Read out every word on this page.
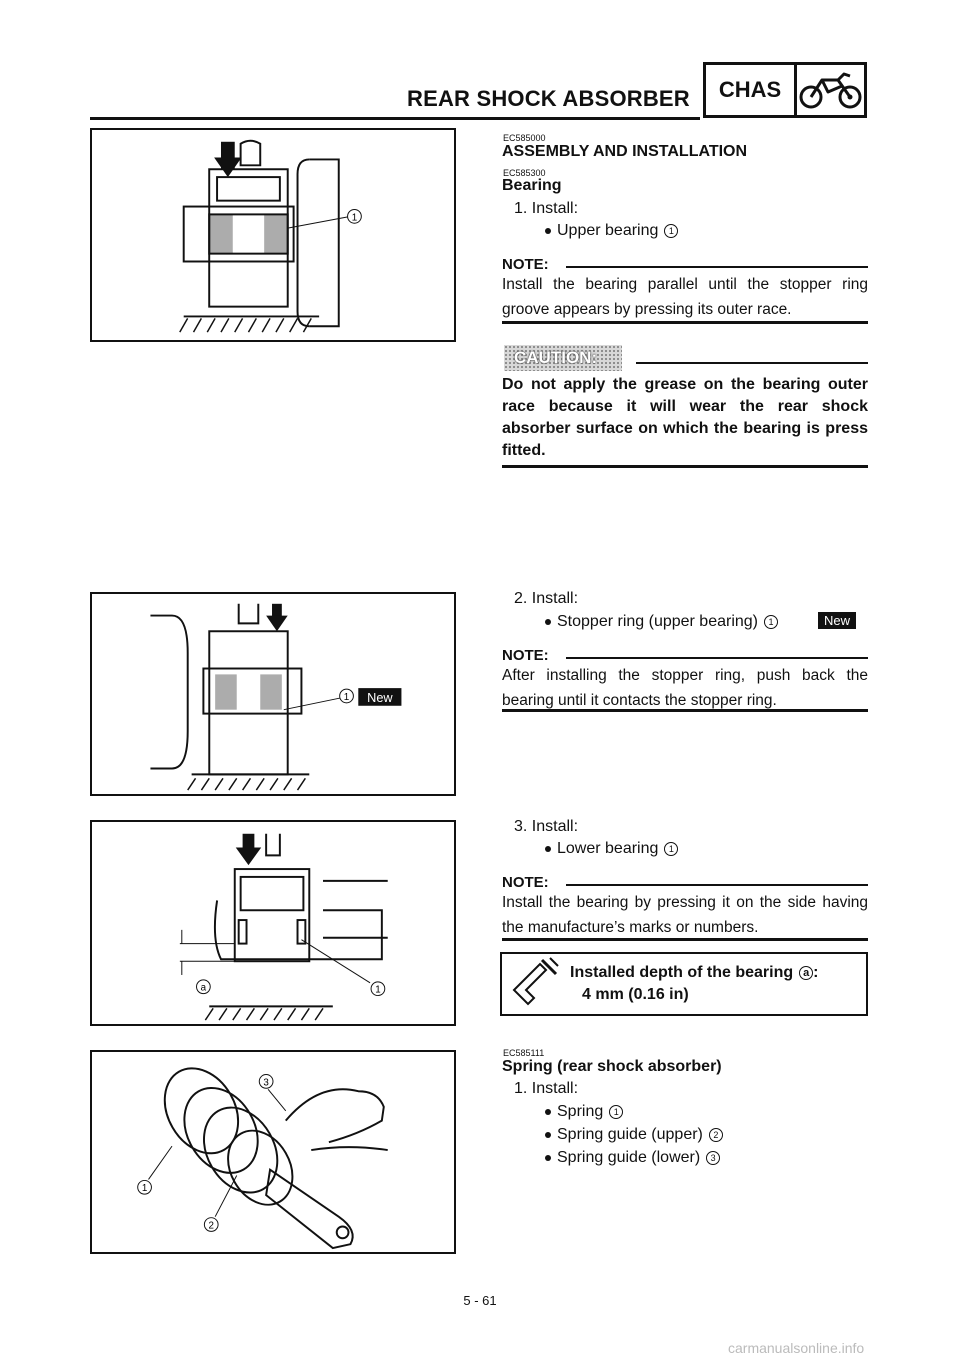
REAR SHOCK ABSORBER	CHAS
1
1 New
a	1
1
2
3
EC585000
ASSEMBLY AND INSTALLATION
EC585300
Bearing
1. Install:
Upper bearing 1
NOTE:
Install the bearing parallel until the stopper ring groove appears by pressing its outer race.
CAUTION:
Do not apply the grease on the bearing outer race because it will wear the rear shock absorber surface on which the bearing is press fitted.
2. Install:
Stopper ring (upper bearing) 1	New
NOTE:
After installing the stopper ring, push back the bearing until it contacts the stopper ring.
3. Install:
Lower bearing 1
NOTE:
Install the bearing by pressing it on the side having the manufacture’s marks or numbers.
Installed depth of the bearing a :
4 mm (0.16 in)
EC585111
Spring (rear shock absorber)
1. Install:
Spring 1
Spring guide (upper) 2
Spring guide (lower) 3
5 - 61
carmanualsonline.info
